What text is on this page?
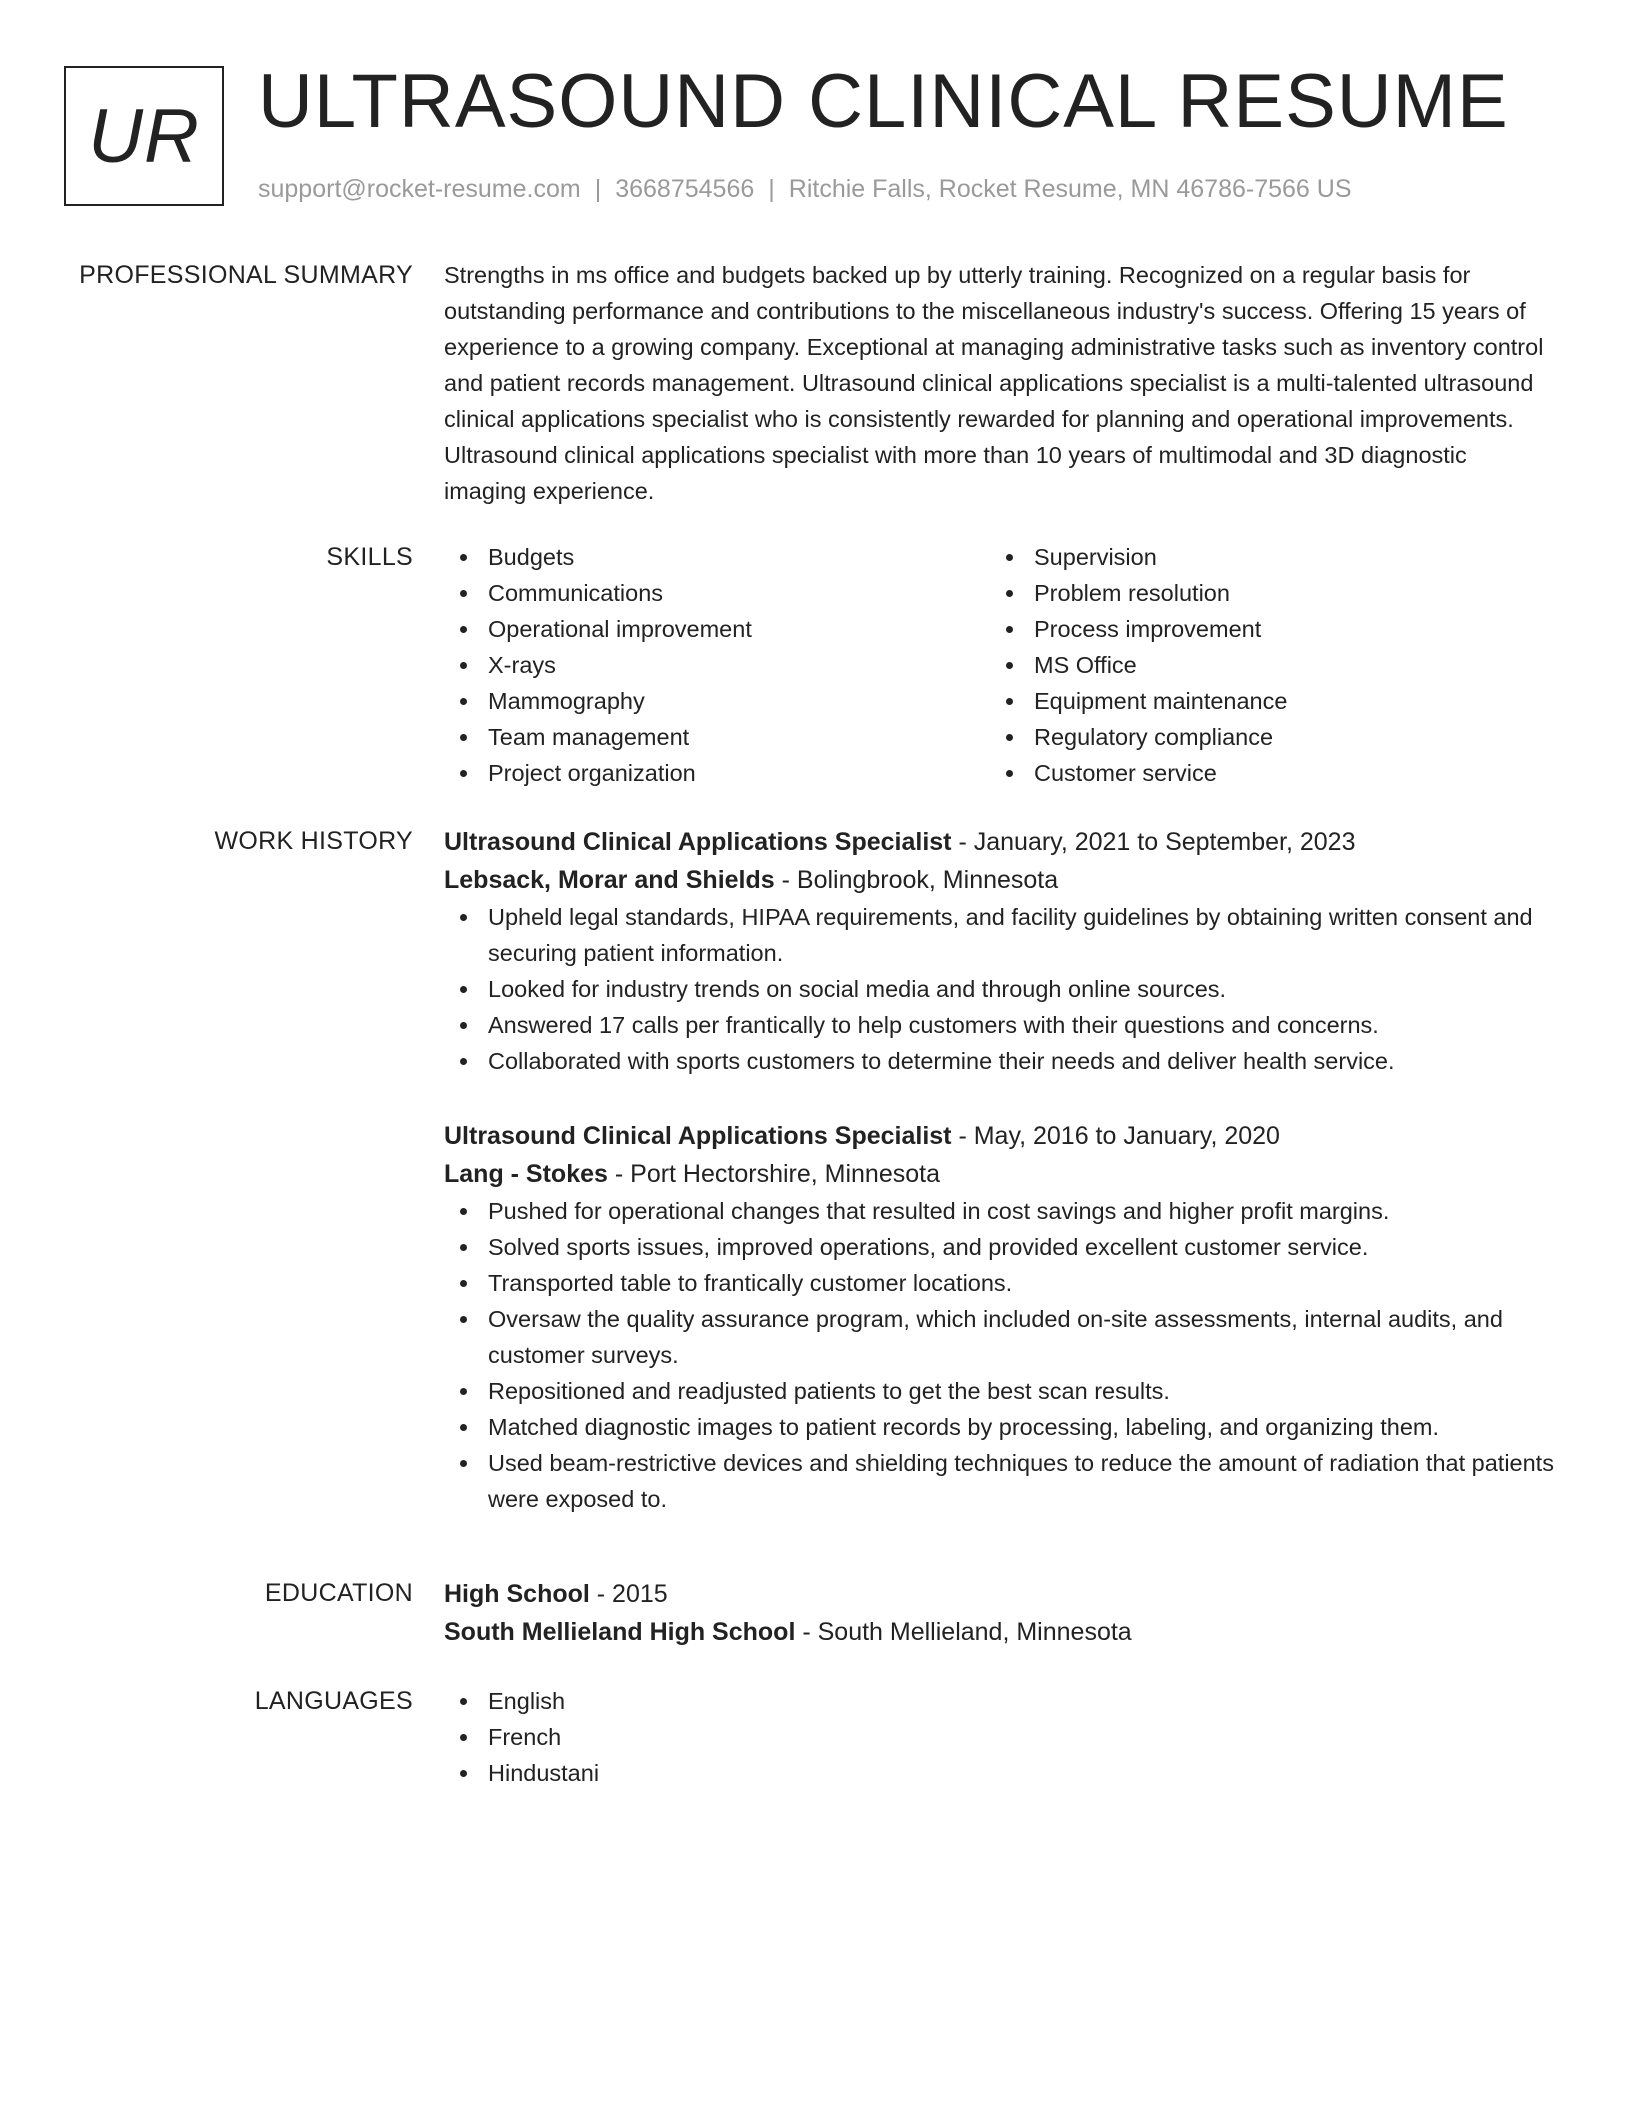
UR ULTRASOUND CLINICAL RESUME
support@rocket-resume.com | 3668754566 | Ritchie Falls, Rocket Resume, MN 46786-7566 US
PROFESSIONAL SUMMARY Strengths in ms office and budgets backed up by utterly training. Recognized on a regular basis for outstanding performance and contributions to the miscellaneous industry's success. Offering 15 years of experience to a growing company. Exceptional at managing administrative tasks such as inventory control and patient records management. Ultrasound clinical applications specialist is a multi-talented ultrasound clinical applications specialist who is consistently rewarded for planning and operational improvements. Ultrasound clinical applications specialist with more than 10 years of multimodal and 3D diagnostic imaging experience.

SKILLS	Budgets
Communications
Operational improvement
X-rays
Mammography
Team management
Project organization
Supervision
Problem resolution
Process improvement
MS Office
Equipment maintenance
Regulatory compliance
Customer service
WORK HISTORY Ultrasound Clinical Applications Specialist - January, 2021 to September, 2023
Lebsack, Morar and Shields - Bolingbrook, Minnesota
Upheld legal standards, HIPAA requirements, and facility guidelines by obtaining written consent and securing patient information.
Looked for industry trends on social media and through online sources.
Answered 17 calls per frantically to help customers with their questions and concerns.
Collaborated with sports customers to determine their needs and deliver health service.
Ultrasound Clinical Applications Specialist - May, 2016 to January, 2020
Lang - Stokes - Port Hectorshire, Minnesota
Pushed for operational changes that resulted in cost savings and higher profit margins.
Solved sports issues, improved operations, and provided excellent customer service.
Transported table to frantically customer locations.
Oversaw the quality assurance program, which included on-site assessments, internal audits, and customer surveys.
Repositioned and readjusted patients to get the best scan results.
Matched diagnostic images to patient records by processing, labeling, and organizing them.
Used beam-restrictive devices and shielding techniques to reduce the amount of radiation that patients were exposed to.
EDUCATION High School - 2015
South Mellieland High School - South Mellieland, Minnesota
LANGUAGES	English
French
Hindustani
